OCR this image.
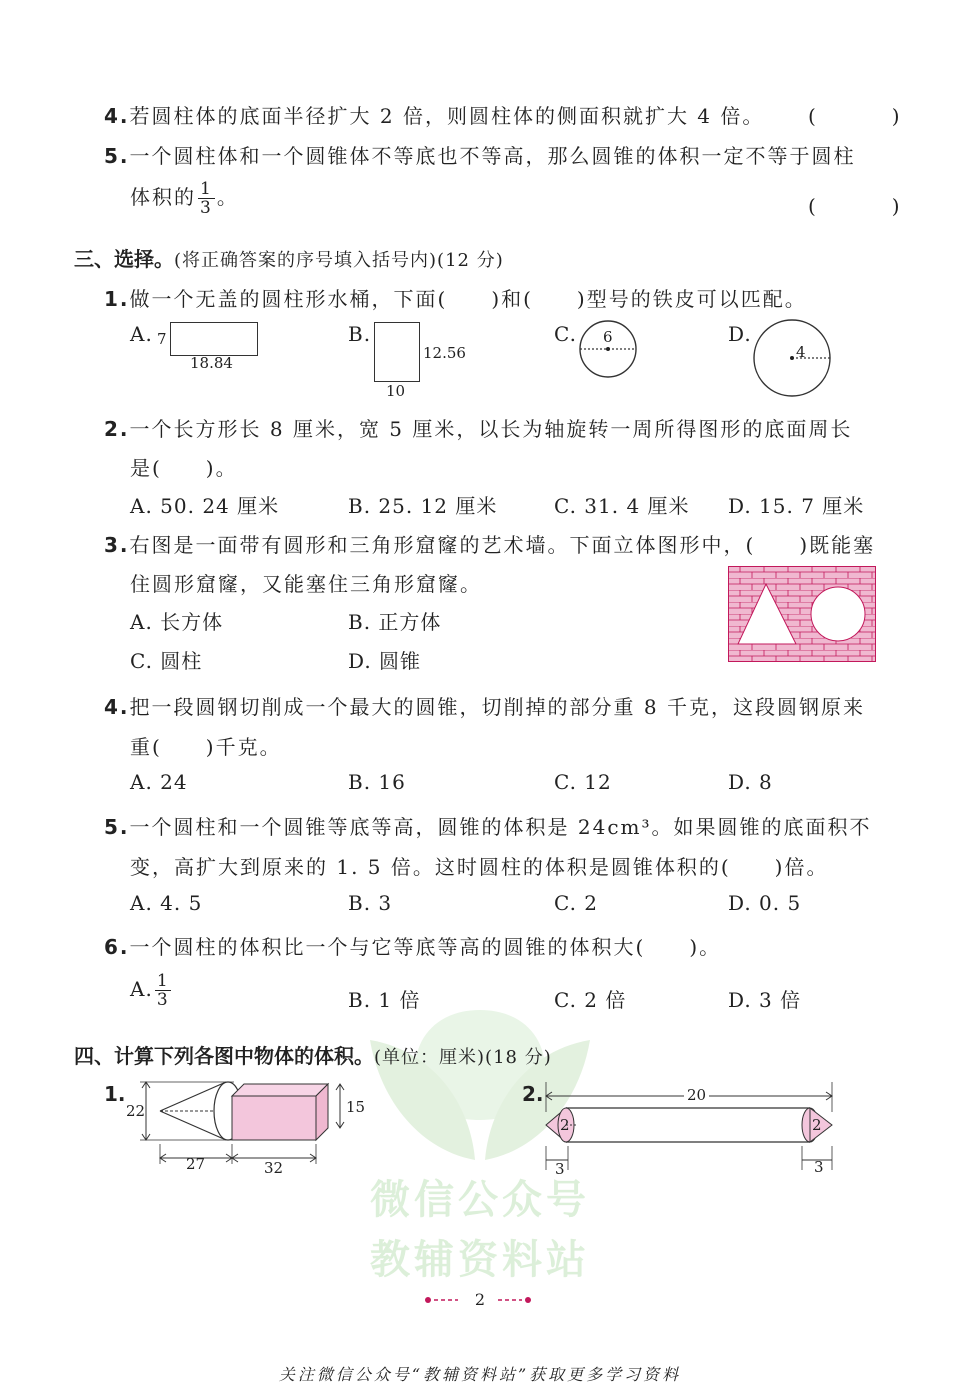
微信公众号
教辅资料站
4.若圆柱体的底面半径扩大 2 倍，则圆柱体的侧面积就扩大 4 倍。 (　)
5.一个圆柱体和一个圆锥体不等底也不等高，那么圆锥的体积一定不等于圆柱
体积的 $\frac{1}{3}$ 。	(　)
三、选择。(将正确答案的序号填入括号内)(12 分)
1.做一个无盖的圆柱形水桶，下面(　　)和(　　)型号的铁皮可以匹配。
A.	B.	C.	D.
7
18.84
12.56
10
6
4
2.一个长方形长 8 厘米，宽 5 厘米，以长为轴旋转一周所得图形的底面周长
是(　　)。
A. 50. 24 厘米	B. 25. 12 厘米	C. 31. 4 厘米 D. 15. 7 厘米
3.右图是一面带有圆形和三角形窟窿的艺术墙。下面立体图形中，(　　)既能塞
住圆形窟窿，又能塞住三角形窟窿。
A. 长方体	B. 正方体
C. 圆柱	D. 圆锥
4.把一段圆钢切削成一个最大的圆锥，切削掉的部分重 8 千克，这段圆钢原来
重(　　)千克。
A. 24	B. 16	C. 12	D. 8
5.一个圆柱和一个圆锥等底等高，圆锥的体积是 24cm³。如果圆锥的底面积不
变，高扩大到原来的 1. 5 倍。这时圆柱的体积是圆锥体积的(　　)倍。
A. 4. 5	B. 3	C. 2	D. 0. 5
6.一个圆柱的体积比一个与它等底等高的圆锥的体积大(　　)。
A. $\frac{1}{3}$	B. 1 倍	C. 2 倍	D. 3 倍
四、计算下列各图中物体的体积。(单位：厘米)(18 分)
1.
22
27	32
15
2.	20
2	2
3	3
2
关注微信公众号“教辅资料站”获取更多学习资料
